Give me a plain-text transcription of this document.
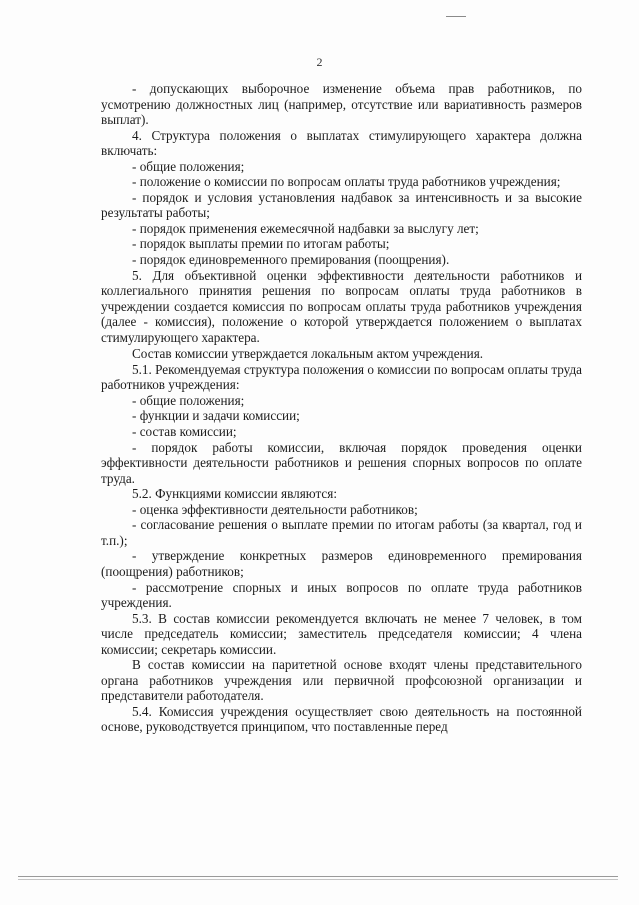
2

- допускающих выборочное изменение объема прав работников, по усмотрению должностных лиц (например, отсутствие или вариативность размеров выплат).

4. Структура положения о выплатах стимулирующего характера должна включать:

- общие положения;

- положение о комиссии по вопросам оплаты труда работников учреждения;

- порядок и условия установления надбавок за интенсивность и за высокие результаты работы;

- порядок применения ежемесячной надбавки за выслугу лет;

- порядок выплаты премии по итогам работы;

- порядок единовременного премирования (поощрения).

5. Для объективной оценки эффективности деятельности работников и коллегиального принятия решения по вопросам оплаты труда работников в учреждении создается комиссия по вопросам оплаты труда работников учреждения (далее - комиссия), положение о которой утверждается положением о выплатах стимулирующего характера.

Состав комиссии утверждается локальным актом учреждения.

5.1. Рекомендуемая структура положения о комиссии по вопросам оплаты труда работников учреждения:

- общие положения;

- функции и задачи комиссии;

- состав комиссии;

- порядок работы комиссии, включая порядок проведения оценки эффективности деятельности работников и решения спорных вопросов по оплате труда.

5.2. Функциями комиссии являются:

- оценка эффективности деятельности работников;

- согласование решения о выплате премии по итогам работы (за квартал, год и т.п.);

- утверждение конкретных размеров единовременного премирования (поощрения) работников;

- рассмотрение спорных и иных вопросов по оплате труда работников учреждения.

5.3. В состав комиссии рекомендуется включать не менее 7 человек, в том числе председатель комиссии; заместитель председателя комиссии; 4 члена комиссии; секретарь комиссии.

В состав комиссии на паритетной основе входят члены представительного органа работников учреждения или первичной профсоюзной организации и представители работодателя.

5.4. Комиссия учреждения осуществляет свою деятельность на постоянной основе, руководствуется принципом, что поставленные перед
